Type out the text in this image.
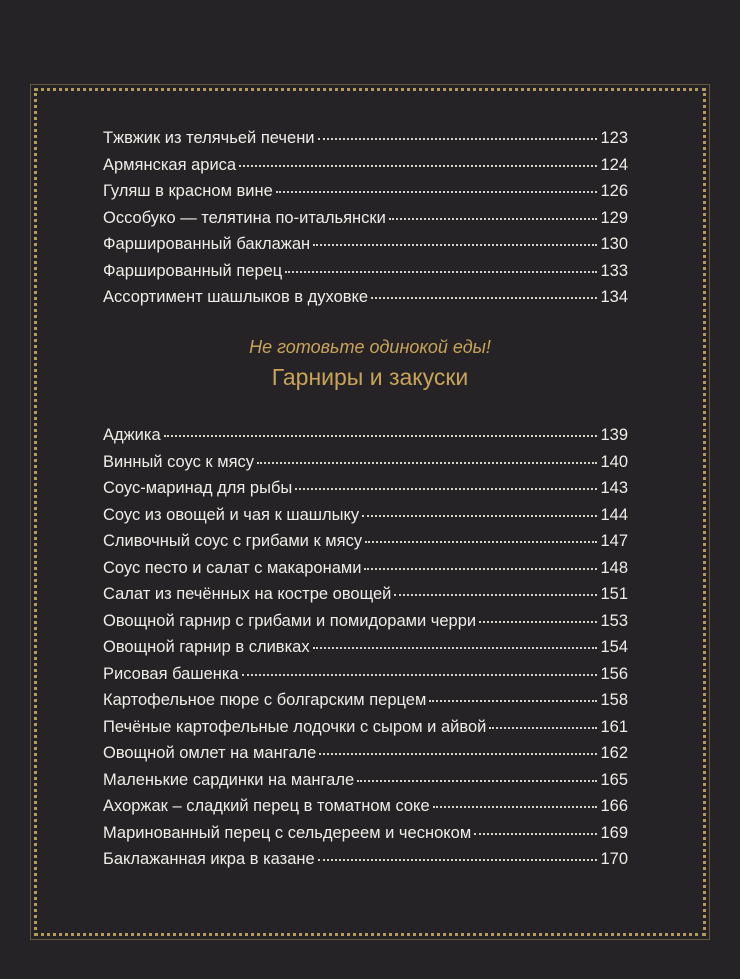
Тжвжик из телячьей печени	123
Армянская ариса	124
Гуляш в красном вине	126
Оссобуко — телятина по-итальянски	129
Фаршированный баклажан	130
Фаршированный перец	133
Ассортимент шашлыков в духовке	134
Не готовьте одинокой еды!
Гарниры и закуски
Аджика	139
Винный соус к мясу	140
Соус-маринад для рыбы	143
Соус из овощей и чая к шашлыку	144
Сливочный соус с грибами к мясу	147
Соус песто и салат с макаронами	148
Салат из печённых на костре овощей	151
Овощной гарнир с грибами и помидорами черри	153
Овощной гарнир в сливках	154
Рисовая башенка	156
Картофельное пюре с болгарским перцем	158
Печёные картофельные лодочки с сыром и айвой	161
Овощной омлет на мангале	162
Маленькие сардинки на мангале	165
Ахоржак – сладкий перец в томатном соке	166
Маринованный перец с сельдереем и чесноком	169
Баклажанная икра в казане	170
